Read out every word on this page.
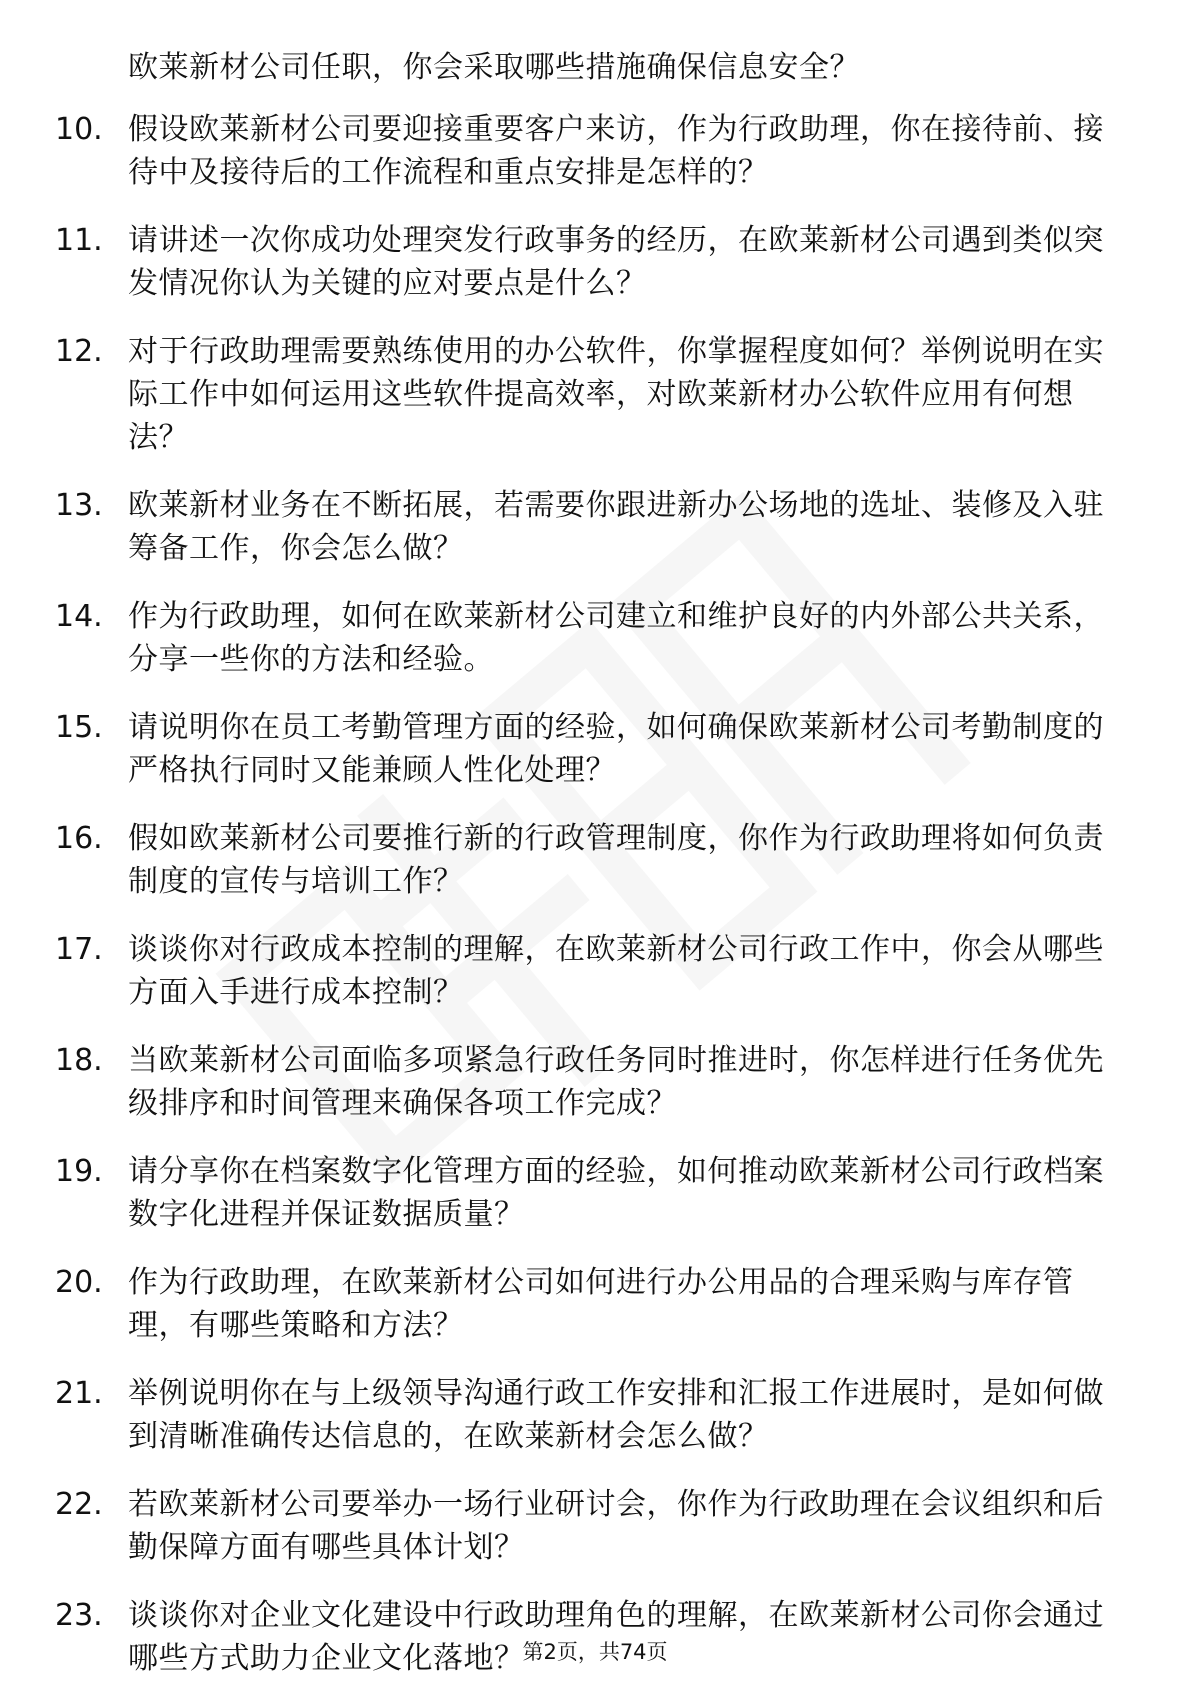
欧莱新材公司任职，你会采取哪些措施确保信息安全？
10. 假设欧莱新材公司要迎接重要客户来访，作为行政助理，你在接待前、接待中及接待后的工作流程和重点安排是怎样的？
11. 请讲述一次你成功处理突发行政事务的经历，在欧莱新材公司遇到类似突发情况你认为关键的应对要点是什么？
12. 对于行政助理需要熟练使用的办公软件，你掌握程度如何？举例说明在实际工作中如何运用这些软件提高效率，对欧莱新材办公软件应用有何想法？
13. 欧莱新材业务在不断拓展，若需要你跟进新办公场地的选址、装修及入驻筹备工作，你会怎么做？
14. 作为行政助理，如何在欧莱新材公司建立和维护良好的内外部公共关系，分享一些你的方法和经验。
15. 请说明你在员工考勤管理方面的经验，如何确保欧莱新材公司考勤制度的严格执行同时又能兼顾人性化处理？
16. 假如欧莱新材公司要推行新的行政管理制度，你作为行政助理将如何负责制度的宣传与培训工作？
17. 谈谈你对行政成本控制的理解，在欧莱新材公司行政工作中，你会从哪些方面入手进行成本控制？
18. 当欧莱新材公司面临多项紧急行政任务同时推进时，你怎样进行任务优先级排序和时间管理来确保各项工作完成？
19. 请分享你在档案数字化管理方面的经验，如何推动欧莱新材公司行政档案数字化进程并保证数据质量？
20. 作为行政助理，在欧莱新材公司如何进行办公用品的合理采购与库存管理，有哪些策略和方法？
21. 举例说明你在与上级领导沟通行政工作安排和汇报工作进展时，是如何做到清晰准确传达信息的，在欧莱新材会怎么做？
22. 若欧莱新材公司要举办一场行业研讨会，你作为行政助理在会议组织和后勤保障方面有哪些具体计划？
23. 谈谈你对企业文化建设中行政助理角色的理解，在欧莱新材公司你会通过哪些方式助力企业文化落地？
第2页，共74页
